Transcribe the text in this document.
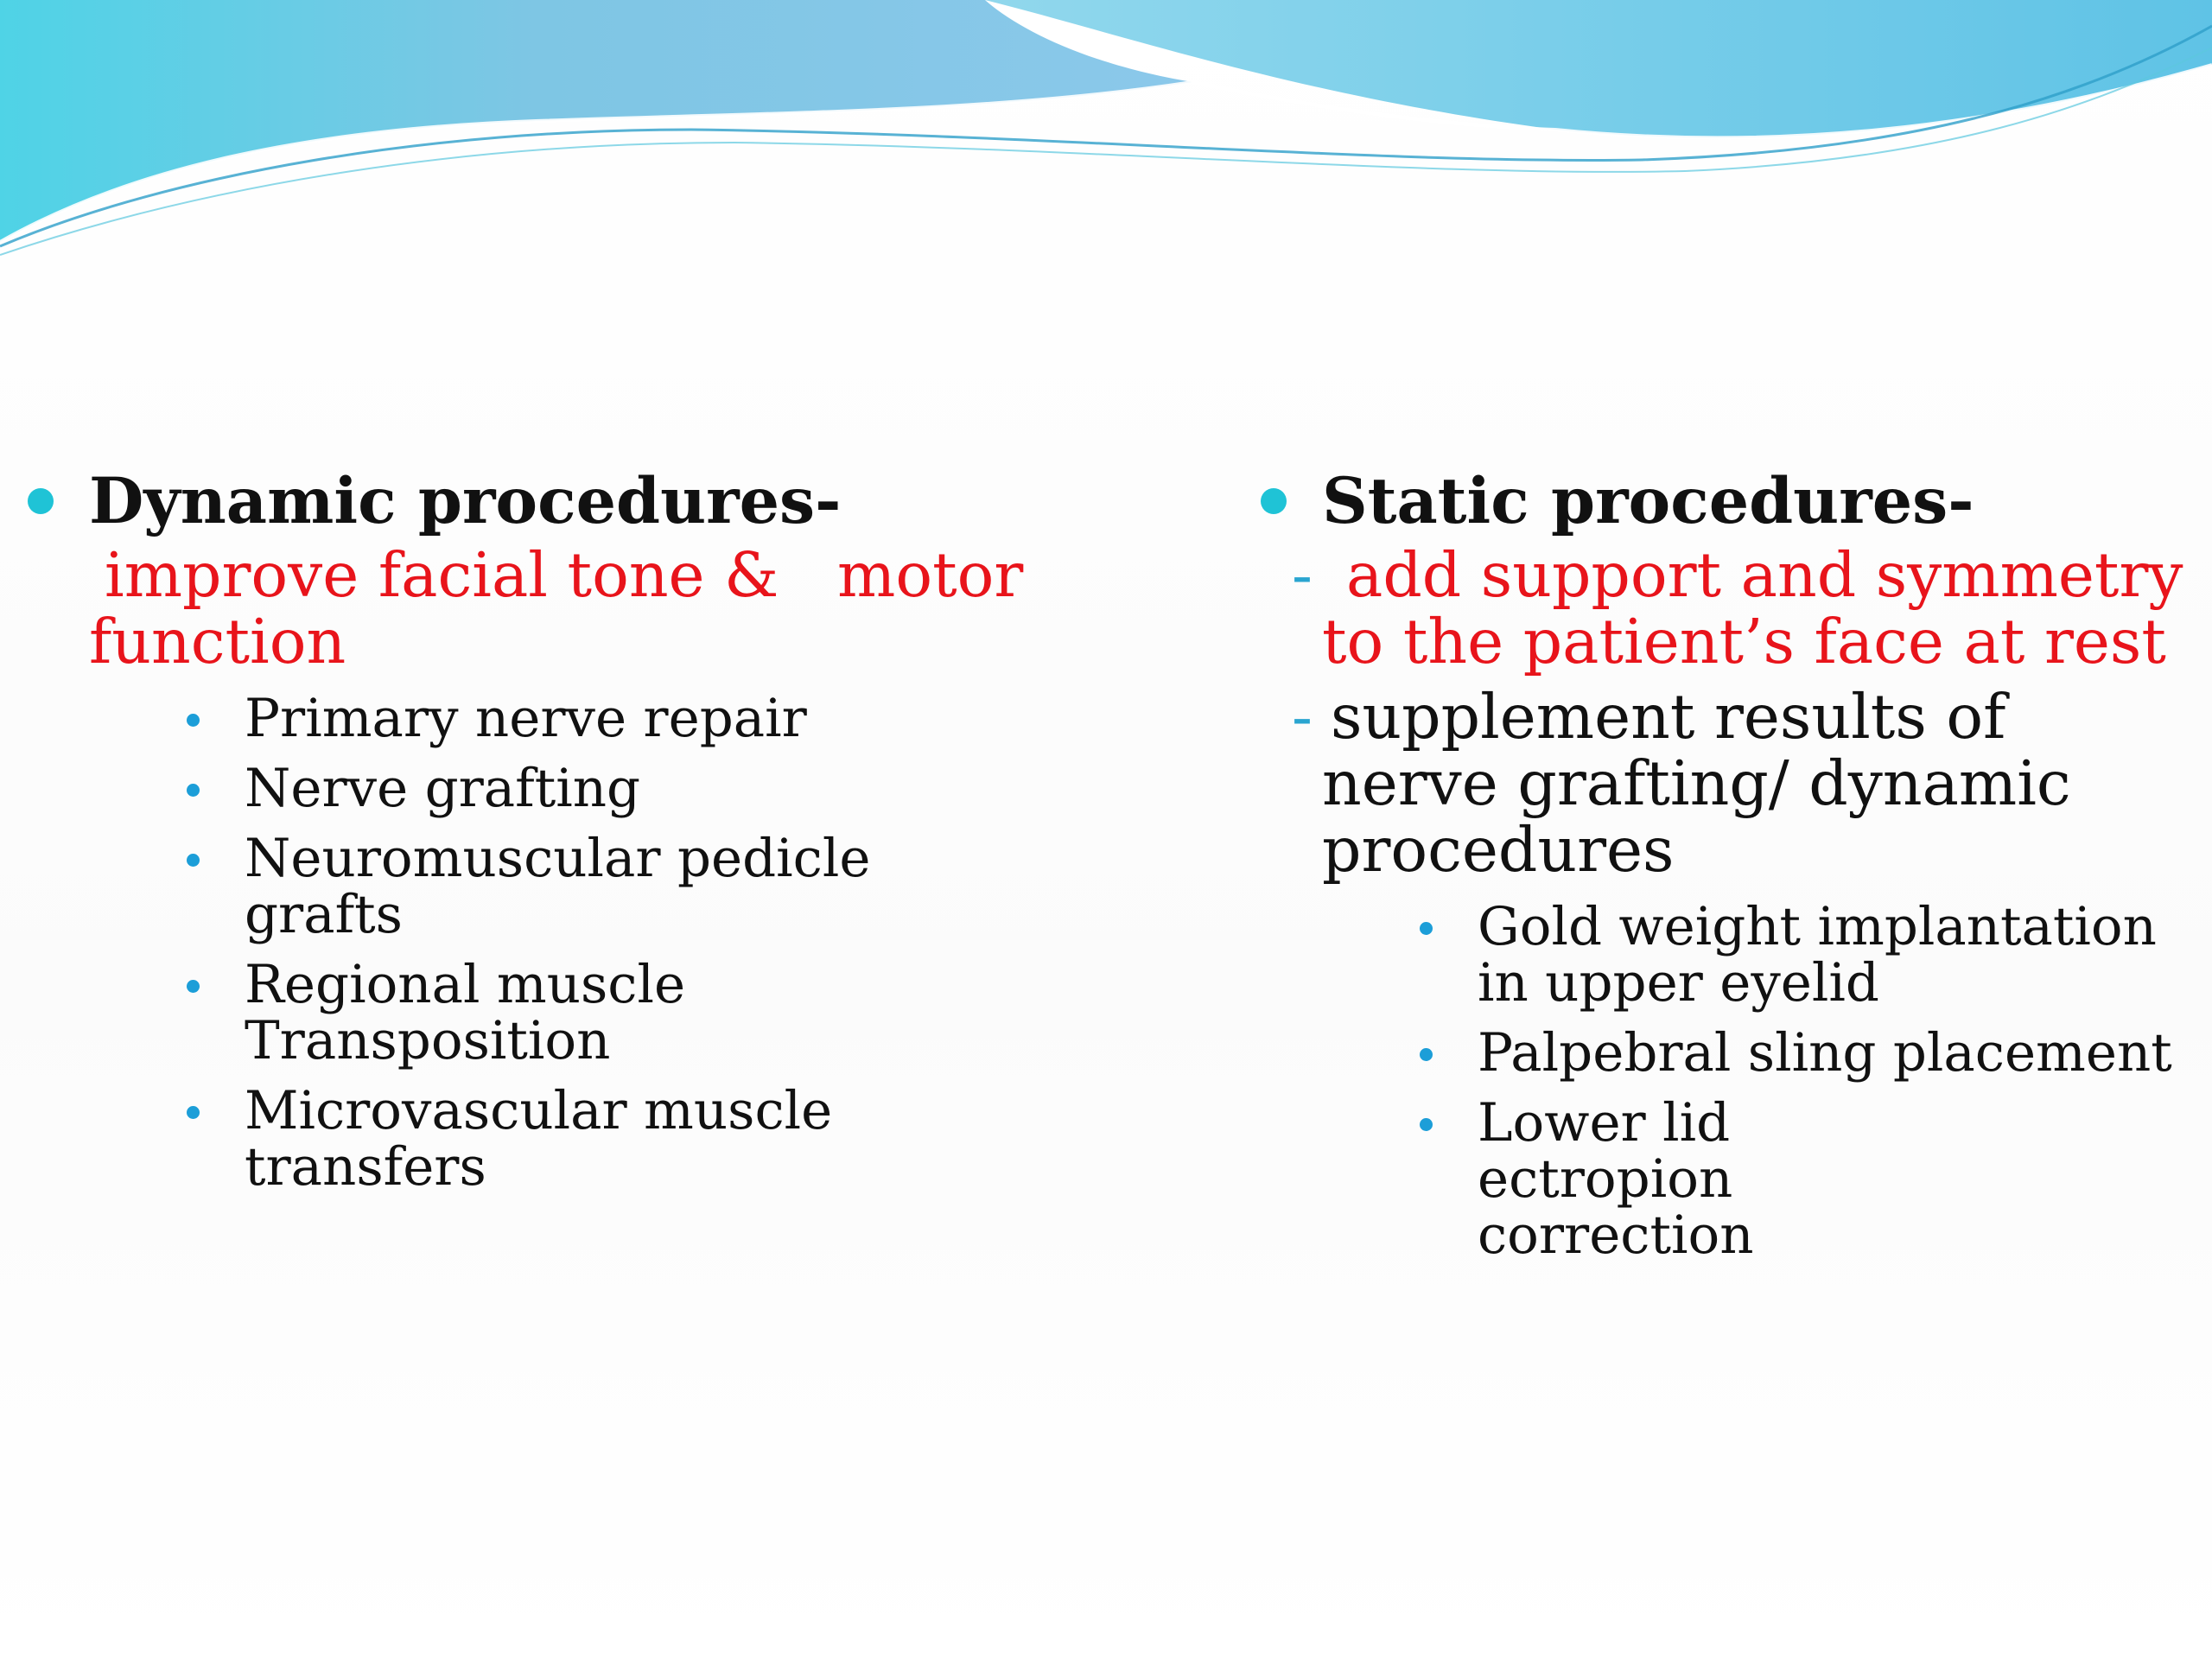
Dynamic procedures-
improve facial tone &   motor function
Primary nerve repair
Nerve grafting
Neuromuscular pedicle grafts
Regional muscle Transposition
Microvascular muscle transfers
Static procedures-
- add support and symmetry to the patient’s face at rest
- supplement results of nerve grafting/ dynamic procedures
Gold weight implantation in upper eyelid
Palpebral sling placement
Lower lid ectropion correction
